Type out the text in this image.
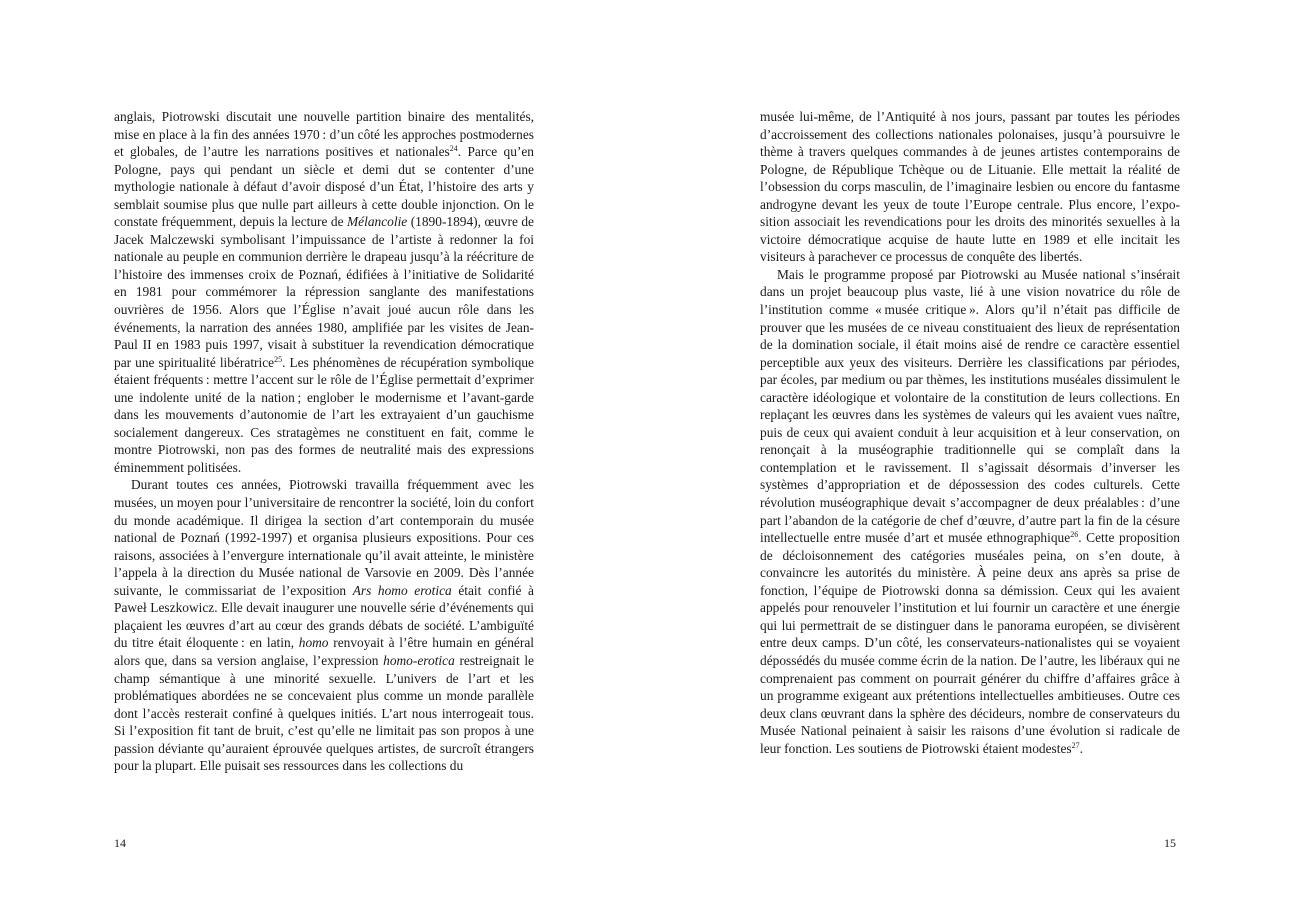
anglais, Piotrowski discutait une nouvelle partition binaire des mentalités, mise en place à la fin des années 1970 : d’un côté les approches postmodernes et globales, de l’autre les narrations positives et nationales$^{24}$. Parce qu’en Pologne, pays qui pendant un siècle et demi dut se contenter d’une mythologie nationale à défaut d’avoir disposé d’un État, l’histoire des arts y semblait soumise plus que nulle part ailleurs à cette double injonction. On le constate fréquemment, depuis la lecture de Mélancolie (1890-1894), œuvre de Jacek Malczewski symbolisant l’impuissance de l’artiste à redonner la foi nationale au peuple en communion derrière le drapeau jusqu’à la réécriture de l’histoire des immenses croix de Poznań, édifiées à l’initiative de Solidarité en 1981 pour commémorer la répression sanglante des manifestations ouvrières de 1956. Alors que l’Église n’avait joué aucun rôle dans les événements, la narration des années 1980, amplifiée par les visites de Jean-Paul II en 1983 puis 1997, visait à substituer la revendication démocratique par une spiritualité libératrice$^{25}$. Les phénomènes de récupération symbolique étaient fréquents : mettre l’accent sur le rôle de l’Église permettait d’exprimer une indolente unité de la nation ; englober le modernisme et l’avant-garde dans les mouvements d’autonomie de l’art les extrayaient d’un gauchisme socialement dangereux. Ces stratagèmes ne constituent en fait, comme le montre Piotrowski, non pas des formes de neutralité mais des expressions éminemment politisées.

Durant toutes ces années, Piotrowski travailla fréquemment avec les musées, un moyen pour l’universitaire de rencontrer la société, loin du confort du monde académique. Il dirigea la section d’art contemporain du musée national de Poznań (1992-1997) et organisa plusieurs expositions. Pour ces raisons, associées à l’envergure internationale qu’il avait atteinte, le ministère l’appela à la direction du Musée national de Varsovie en 2009. Dès l’année suivante, le commissariat de l’exposition Ars homo erotica était confié à Paweł Leszkowicz. Elle devait inaugurer une nouvelle série d’événements qui plaçaient les œuvres d’art au cœur des grands débats de société. L’ambiguïté du titre était éloquente : en latin, homo renvoyait à l’être humain en général alors que, dans sa version anglaise, l’expression homo-erotica restreignait le champ sémantique à une minorité sexuelle. L’univers de l’art et les problématiques abordées ne se concevaient plus comme un monde parallèle dont l’accès resterait confiné à quelques initiés. L’art nous interrogeait tous. Si l’exposition fit tant de bruit, c’est qu’elle ne limitait pas son propos à une passion déviante qu’auraient éprouvée quelques artistes, de surcroît étrangers pour la plupart. Elle puisait ses ressources dans les collections du

14

musée lui-même, de l’Antiquité à nos jours, passant par toutes les périodes d’accroissement des collections nationales polonaises, jusqu’à poursuivre le thème à travers quelques commandes à de jeunes artistes contemporains de Pologne, de République Tchèque ou de Lituanie. Elle mettait la réalité de l’obsession du corps masculin, de l’imaginaire lesbien ou encore du fantasme androgyne devant les yeux de toute l’Europe centrale. Plus encore, l’exposition associait les revendications pour les droits des minorités sexuelles à la victoire démocratique acquise de haute lutte en 1989 et elle incitait les visiteurs à parachever ce processus de conquête des libertés.

Mais le programme proposé par Piotrowski au Musée national s’insérait dans un projet beaucoup plus vaste, lié à une vision novatrice du rôle de l’institution comme « musée critique ». Alors qu’il n’était pas difficile de prouver que les musées de ce niveau constituaient des lieux de représentation de la domination sociale, il était moins aisé de rendre ce caractère essentiel perceptible aux yeux des visiteurs. Derrière les classifications par périodes, par écoles, par medium ou par thèmes, les institutions muséales dissimulent le caractère idéologique et volontaire de la constitution de leurs collections. En replaçant les œuvres dans les systèmes de valeurs qui les avaient vues naître, puis de ceux qui avaient conduit à leur acquisition et à leur conservation, on renonçait à la muséographie traditionnelle qui se complaît dans la contemplation et le ravissement. Il s’agissait désormais d’inverser les systèmes d’appropriation et de dépossession des codes culturels. Cette révolution muséographique devait s’accompagner de deux préalables : d’une part l’abandon de la catégorie de chef d’œuvre, d’autre part la fin de la césure intellectuelle entre musée d’art et musée ethnographique$^{26}$. Cette proposition de décloisonnement des catégories muséales peina, on s’en doute, à convaincre les autorités du ministère. À peine deux ans après sa prise de fonction, l’équipe de Piotrowski donna sa démission. Ceux qui les avaient appelés pour renouveler l’institution et lui fournir un caractère et une énergie qui lui permettrait de se distinguer dans le panorama européen, se divisèrent entre deux camps. D’un côté, les conservateurs-nationalistes qui se voyaient dépossédés du musée comme écrin de la nation. De l’autre, les libéraux qui ne comprenaient pas comment on pourrait générer du chiffre d’affaires grâce à un programme exigeant aux prétentions intellectuelles ambitieuses. Outre ces deux clans œuvrant dans la sphère des décideurs, nombre de conservateurs du Musée National peinaient à saisir les raisons d’une évolution si radicale de leur fonction. Les soutiens de Piotrowski étaient modestes$^{27}$.

15
